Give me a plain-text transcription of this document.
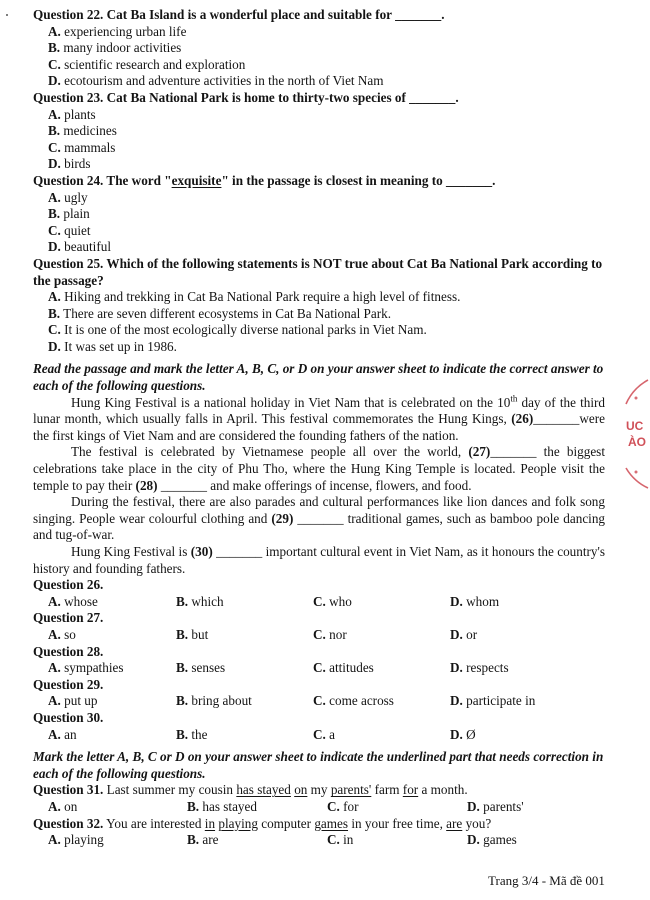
Question 22. Cat Ba Island is a wonderful place and suitable for _______.
A. experiencing urban life
B. many indoor activities
C. scientific research and exploration
D. ecotourism and adventure activities in the north of Viet Nam
Question 23. Cat Ba National Park is home to thirty-two species of _______.
A. plants
B. medicines
C. mammals
D. birds
Question 24. The word "exquisite" in the passage is closest in meaning to _______.
A. ugly
B. plain
C. quiet
D. beautiful
Question 25. Which of the following statements is NOT true about Cat Ba National Park according to the passage?
A. Hiking and trekking in Cat Ba National Park require a high level of fitness.
B. There are seven different ecosystems in Cat Ba National Park.
C. It is one of the most ecologically diverse national parks in Viet Nam.
D. It was set up in 1986.
Read the passage and mark the letter A, B, C, or D on your answer sheet to indicate the correct answer to each of the following questions.
Hung King Festival is a national holiday in Viet Nam that is celebrated on the 10th day of the third lunar month, which usually falls in April. This festival commemorates the Hung Kings, (26)_______were the first kings of Viet Nam and are considered the founding fathers of the nation.
The festival is celebrated by Vietnamese people all over the world, (27)_______ the biggest celebrations take place in the city of Phu Tho, where the Hung King Temple is located. People visit the temple to pay their (28) _______ and make offerings of incense, flowers, and food.
During the festival, there are also parades and cultural performances like lion dances and folk song singing. People wear colourful clothing and (29) _______ traditional games, such as bamboo pole dancing and tug-of-war.
Hung King Festival is (30) _______ important cultural event in Viet Nam, as it honours the country's history and founding fathers.
Question 26.
A. whose	B. which	C. who	D. whom
Question 27.
A. so	B. but	C. nor	D. or
Question 28.
A. sympathies	B. senses	C. attitudes	D. respects
Question 29.
A. put up	B. bring about	C. come across	D. participate in
Question 30.
A. an	B. the	C. a	D. Ø
Mark the letter A, B, C or D on your answer sheet to indicate the underlined part that needs correction in each of the following questions.
Question 31. Last summer my cousin has stayed on my parents' farm for a month.
A. on	B. has stayed	C. for	D. parents'
Question 32. You are interested in playing computer games in your free time, are you?
A. playing	B. are	C. in	D. games
Trang 3/4 - Mã đề 001
UC
ÀO
